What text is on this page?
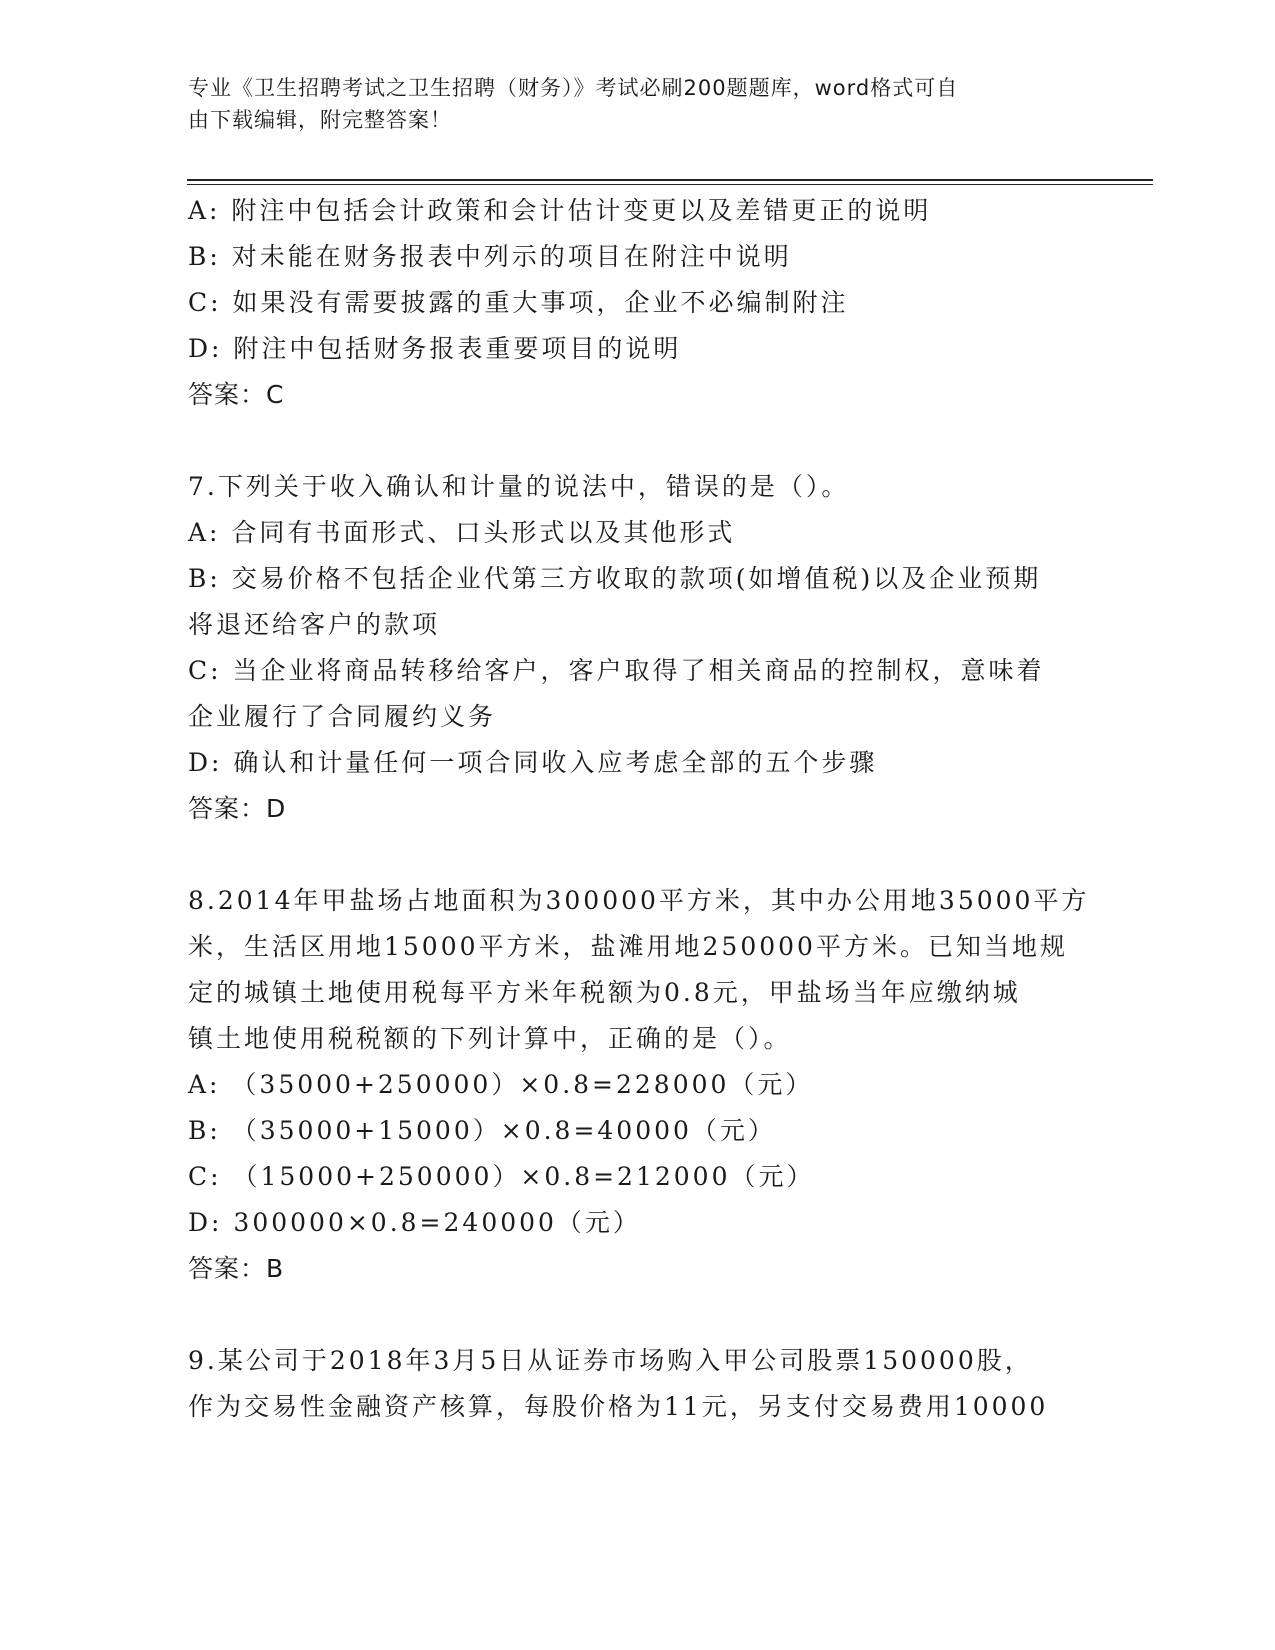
专业《卫生招聘考试之卫生招聘（财务）》考试必刷200题题库，word格式可自
由下载编辑，附完整答案！
A: 附注中包括会计政策和会计估计变更以及差错更正的说明
B: 对未能在财务报表中列示的项目在附注中说明
C: 如果没有需要披露的重大事项，企业不必编制附注
D: 附注中包括财务报表重要项目的说明
答案：C
7.下列关于收入确认和计量的说法中，错误的是（）。
A: 合同有书面形式、口头形式以及其他形式
B: 交易价格不包括企业代第三方收取的款项(如增值税)以及企业预期
将退还给客户的款项
C: 当企业将商品转移给客户，客户取得了相关商品的控制权，意味着
企业履行了合同履约义务
D: 确认和计量任何一项合同收入应考虑全部的五个步骤
答案：D
8.2014年甲盐场占地面积为300000平方米，其中办公用地35000平方
米，生活区用地15000平方米，盐滩用地250000平方米。已知当地规
定的城镇土地使用税每平方米年税额为0.8元，甲盐场当年应缴纳城
镇土地使用税税额的下列计算中，正确的是（）。
A: （35000+250000）×0.8=228000（元）
B: （35000+15000）×0.8=40000（元）
C: （15000+250000）×0.8=212000（元）
D: 300000×0.8=240000（元）
答案：B
9.某公司于2018年3月5日从证券市场购入甲公司股票150000股，
作为交易性金融资产核算，每股价格为11元，另支付交易费用10000
